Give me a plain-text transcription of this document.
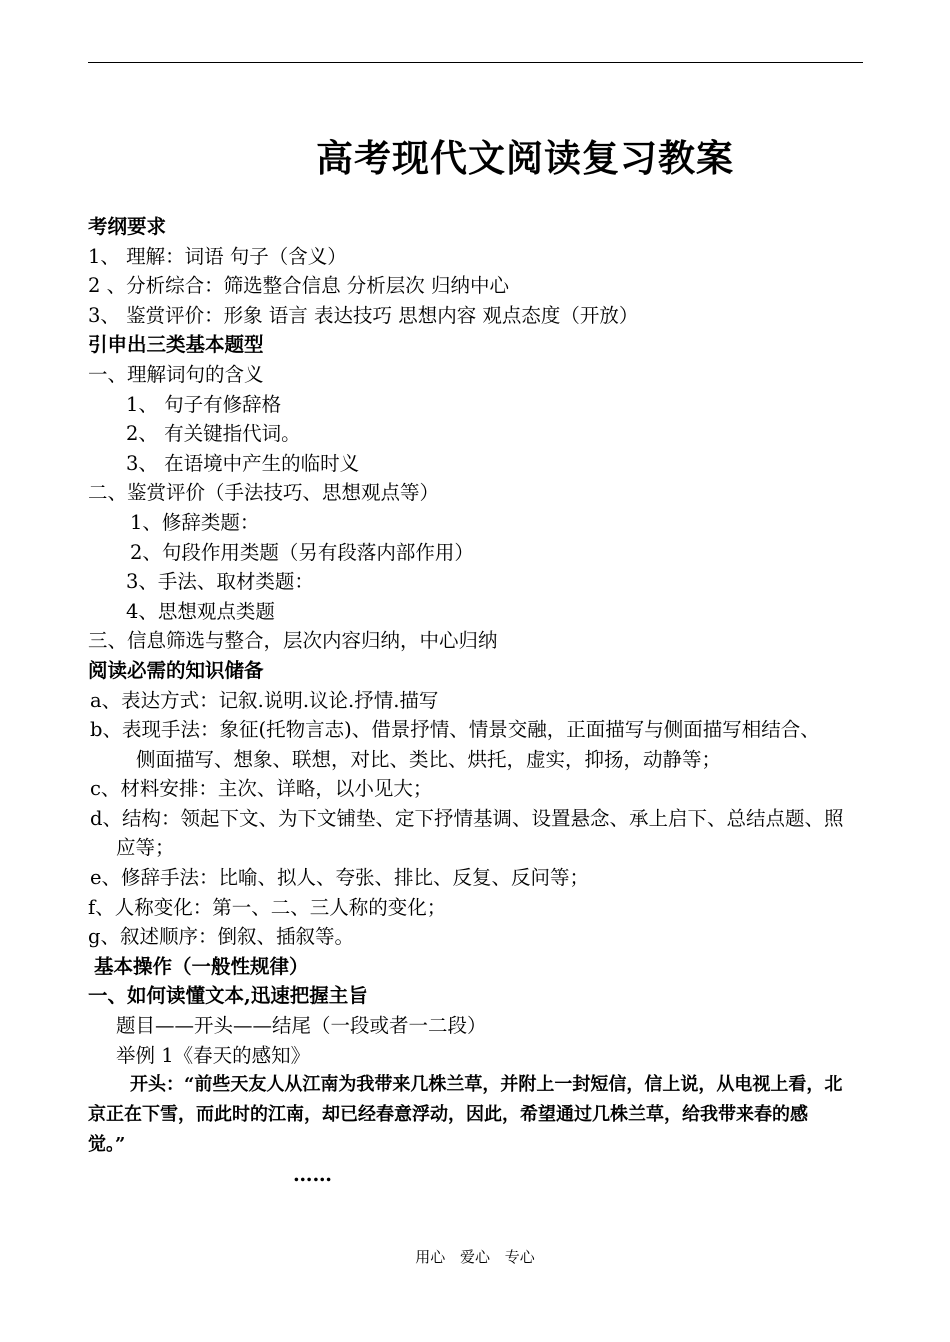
高考现代文阅读复习教案
考纲要求
1、 理解：词语 句子（含义）
2 、分析综合：筛选整合信息 分析层次 归纳中心
3、 鉴赏评价：形象 语言 表达技巧 思想内容 观点态度（开放）
引申出三类基本题型
一、理解词句的含义
1、 句子有修辞格
2、 有关键指代词。
3、 在语境中产生的临时义
二、鉴赏评价（手法技巧、思想观点等）
1、修辞类题：
2、句段作用类题（另有段落内部作用）
3、手法、取材类题：
4、思想观点类题
三、信息筛选与整合，层次内容归纳，中心归纳
阅读必需的知识储备
a、表达方式：记叙.说明.议论.抒情.描写
b、表现手法：象征(托物言志)、借景抒情、情景交融，正面描写与侧面描写相结合、
侧面描写、想象、联想，对比、类比、烘托，虚实，抑扬，动静等；
c、材料安排：主次、详略，以小见大；
d、结构：领起下文、为下文铺垫、定下抒情基调、设置悬念、承上启下、总结点题、照
应等；
e、修辞手法：比喻、拟人、夸张、排比、反复、反问等；
f、人称变化：第一、二、三人称的变化；
g、叙述顺序：倒叙、插叙等。
基本操作（一般性规律）
一、如何读懂文本,迅速把握主旨
题目——开头——结尾（一段或者一二段）
举例 1《春天的感知》
开头：“前些天友人从江南为我带来几株兰草，并附上一封短信，信上说，从电视上看，北
京正在下雪，而此时的江南，却已经春意浮动，因此，希望通过几株兰草，给我带来春的感
觉。”
……
用心 爱心 专心
